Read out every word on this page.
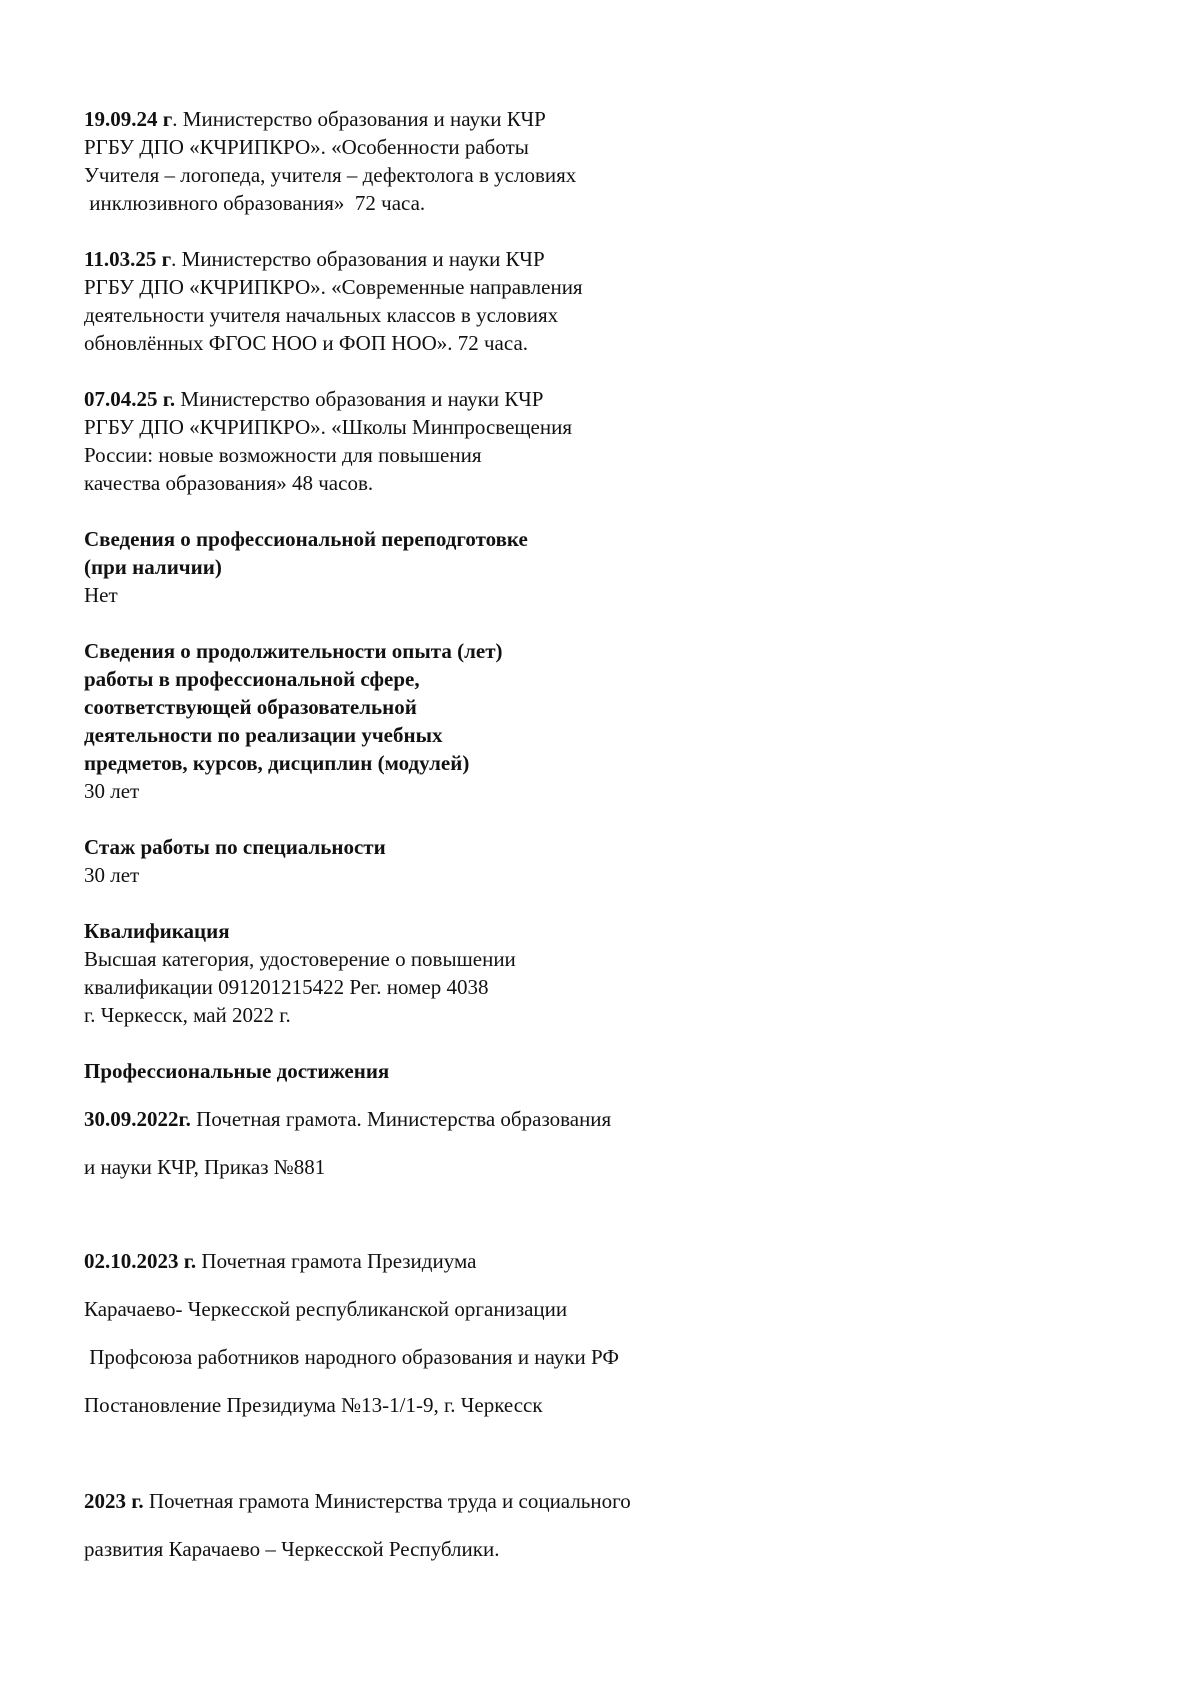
19.09.24 г. Министерство образования и науки КЧР
РГБУ ДПО «КЧРИПКРО». «Особенности работы
Учителя – логопеда, учителя – дефектолога в условиях
инклюзивного образования»  72 часа.
11.03.25 г. Министерство образования и науки КЧР
РГБУ ДПО «КЧРИПКРО». «Современные направления
деятельности учителя начальных классов в условиях
обновлённых ФГОС НОО и ФОП НОО». 72 часа.
07.04.25 г. Министерство образования и науки КЧР
РГБУ ДПО «КЧРИПКРО». «Школы Минпросвещения
России: новые возможности для повышения
качества образования» 48 часов.
Сведения о профессиональной переподготовке
(при наличии)
Нет
Сведения о продолжительности опыта (лет)
работы в профессиональной сфере,
соответствующей образовательной
деятельности по реализации учебных
предметов, курсов, дисциплин (модулей)
30 лет
Стаж работы по специальности
30 лет
Квалификация
Высшая категория, удостоверение о повышении
квалификации 091201215422 Рег. номер 4038
г. Черкесск, май 2022 г.
Профессиональные достижения
30.09.2022г. Почетная грамота. Министерства образования
и науки КЧР, Приказ №881
02.10.2023 г. Почетная грамота Президиума
Карачаево- Черкесской республиканской организации
Профсоюза работников народного образования и науки РФ
Постановление Президиума №13-1/1-9, г. Черкесск
2023 г. Почетная грамота Министерства труда и социального
развития Карачаево – Черкесской Республики.
